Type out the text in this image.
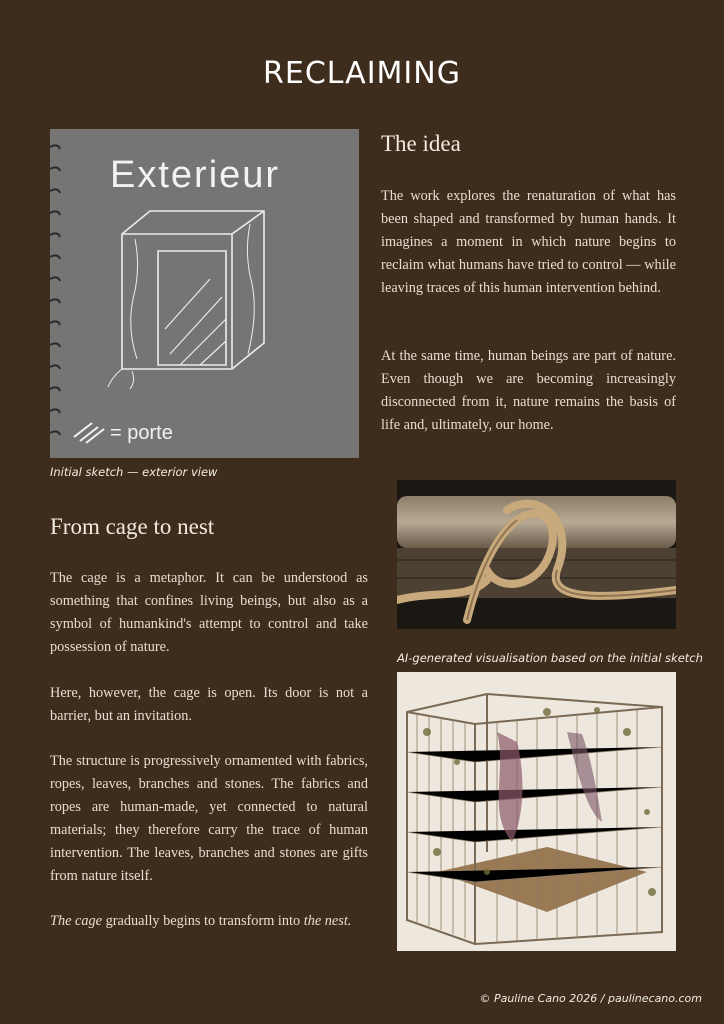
RECLAIMING
Exterieur
= porte
Initial sketch — exterior view
The idea

The work explores the renaturation of what has been shaped and transformed by human hands. It imagines a moment in which nature begins to reclaim what humans have tried to control — while leaving traces of this human intervention behind.

At the same time, human beings are part of nature. Even though we are becoming increasingly disconnected from it, nature remains the basis of life and, ultimately, our home.

AI-generated visualisation based on the initial sketch
From cage to nest

The cage is a metaphor. It can be understood as something that confines living beings, but also as a symbol of humankind's attempt to control and take possession of nature.

Here, however, the cage is open. Its door is not a barrier, but an invitation.

The structure is progressively ornamented with fabrics, ropes, leaves, branches and stones. The fabrics and ropes are human-made, yet connected to natural materials; they therefore carry the trace of human intervention. The leaves, branches and stones are gifts from nature itself.

The cage gradually begins to transform into the nest.

© Pauline Cano 2026 / paulinecano.com
